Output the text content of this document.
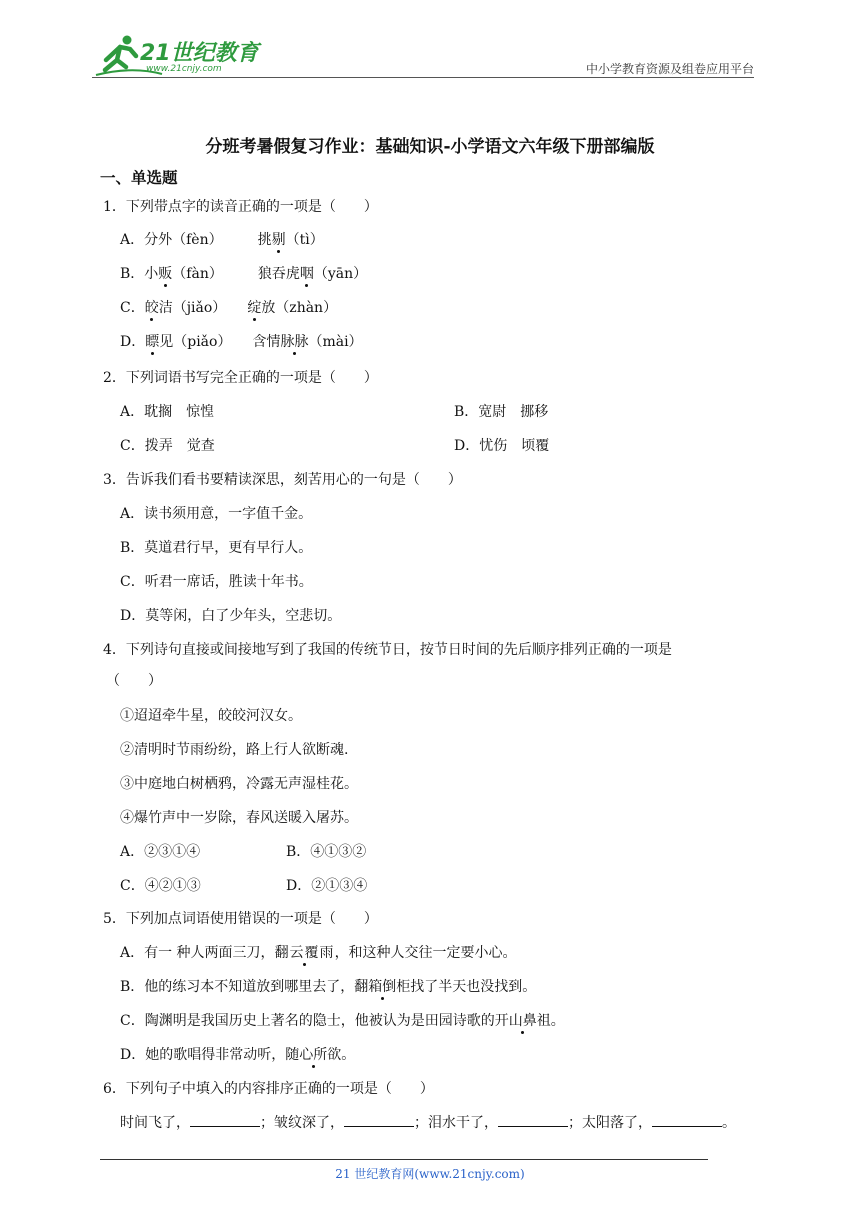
21世纪教育
www.21cnjy.com	中小学教育资源及组卷应用平台
分班考暑假复习作业：基础知识-小学语文六年级下册部编版
一、单选题
1．下列带点字的读音正确的一项是（　　）
A．分外（fèn）　　　挑剔（tì）
B．小贩（fàn）　　　狼吞虎咽（yān）
C．皎洁（jiǎo）　　绽放（zhàn）
D．瞟见（piǎo）　　含情脉脉（mài）
2．下列词语书写完全正确的一项是（　　）
A．耽搁　惊惶	B．宽尉　挪移
C．拨弄　觉查	D．忧伤　顷覆
3．告诉我们看书要精读深思，刻苦用心的一句是（　　）
A．读书须用意，一字值千金。
B．莫道君行早，更有早行人。
C．听君一席话，胜读十年书。
D．莫等闲，白了少年头，空悲切。
4．下列诗句直接或间接地写到了我国的传统节日，按节日时间的先后顺序排列正确的一项是
（　　）
①迢迢牵牛星，皎皎河汉女。
②清明时节雨纷纷，路上行人欲断魂.
③中庭地白树栖鸦，冷露无声湿桂花。
④爆竹声中一岁除，春风送暖入屠苏。
A．②③①④	B．④①③②
C．④②①③	D．②①③④
5．下列加点词语使用错误的一项是（　　）
A．有一 种人两面三刀，翻云覆雨，和这种人交往一定要小心。
B．他的练习本不知道放到哪里去了，翻箱倒柜找了半天也没找到。
C．陶渊明是我国历史上著名的隐士，他被认为是田园诗歌的开山鼻祖。
D．她的歌唱得非常动听，随心所欲。
6．下列句子中填入的内容排序正确的一项是（　　）
时间飞了，	；皱纹深了，	；泪水干了，	；太阳落了，	。
21 世纪教育网(www.21cnjy.com)
